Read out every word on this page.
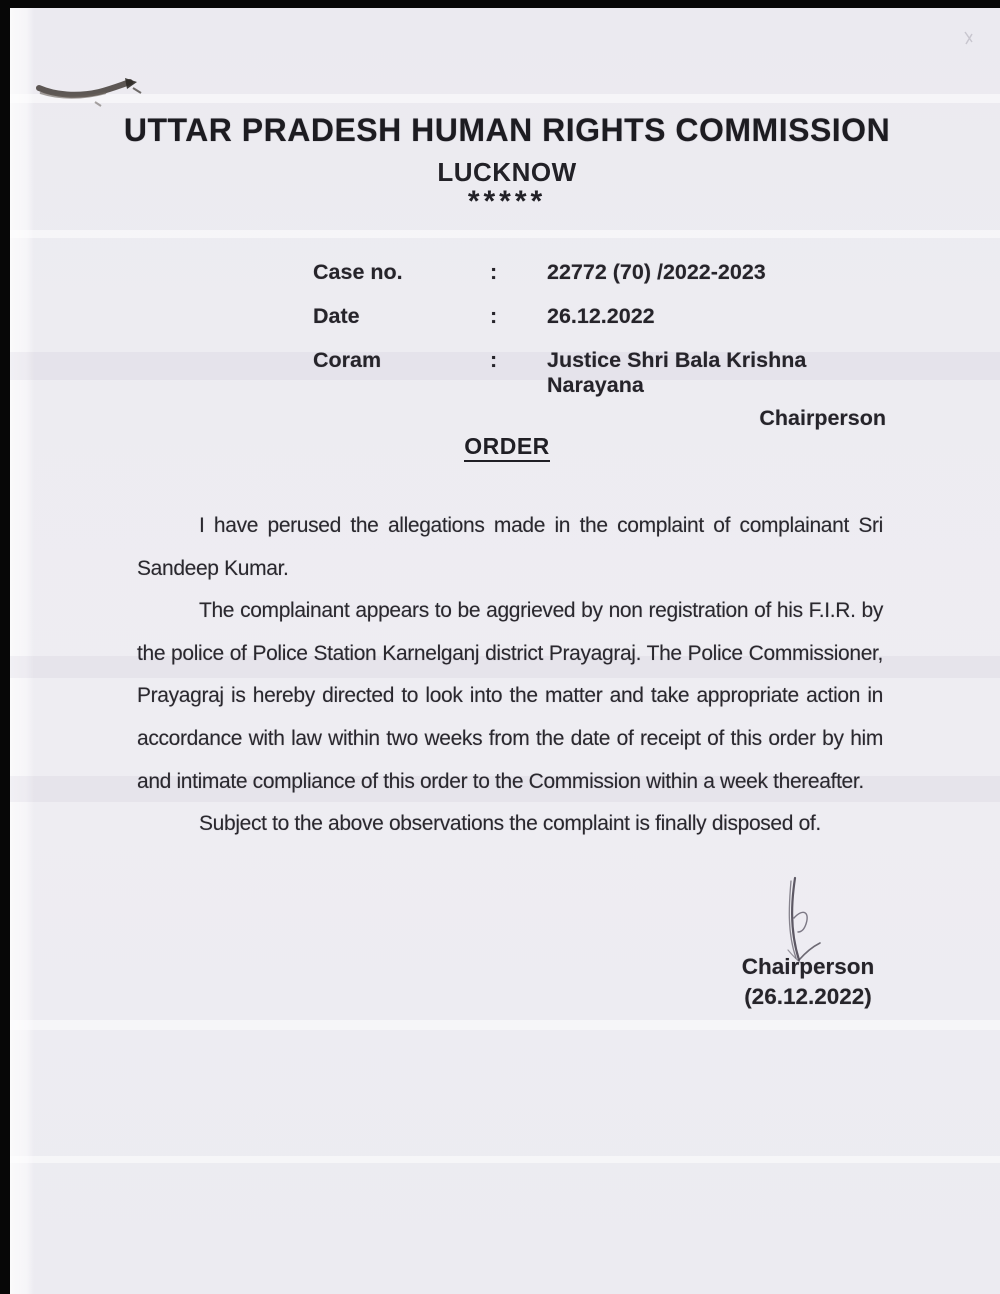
UTTAR PRADESH HUMAN RIGHTS COMMISSION
LUCKNOW
*****
Case no.	:	22772 (70) /2022-2023
Date	:	26.12.2022
Coram	:	Justice Shri Bala Krishna Narayana
Chairperson
ORDER

I have perused the allegations made in the complaint of complainant Sri Sandeep Kumar.

The complainant appears to be aggrieved by non registration of his F.I.R. by the police of Police Station Karnelganj district Prayagraj. The Police Commissioner, Prayagraj is hereby directed to look into the matter and take appropriate action in accordance with law within two weeks from the date of receipt of this order by him and intimate compliance of this order to the Commission within a week thereafter.

Subject to the above observations the complaint is finally disposed of.

Chairperson
(26.12.2022)
